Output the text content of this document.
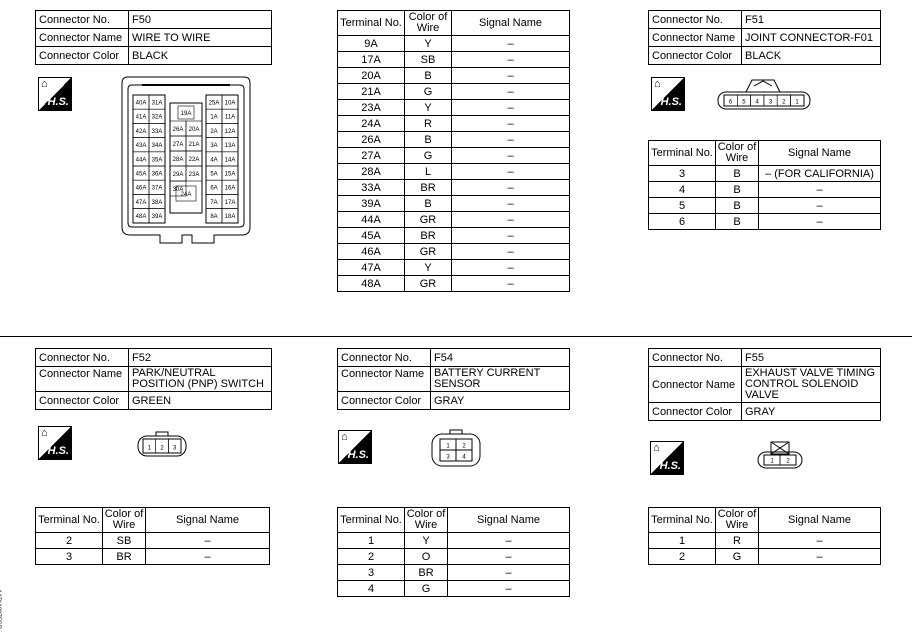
Connector No.	F50
Connector Name	WIRE TO WIRE
Connector Color	BLACK
⌂
H.S.	40A 31A
41A 32A
42A 33A
43A 34A
44A 35A
45A 36A
46A 37A
47A 38A
48A 39A
19A
26A 20A
27A 21A
28A 22A
29A 23A
30A
24A
25A 10A
1A 11A
2A 12A
3A 13A
4A 14A
5A 15A
6A 16A
7A 17A
8A 18A
Terminal No.	Color of Wire	Signal Name
9A	Y	–
17A	SB	–
20A	B	–
21A	G	–
23A	Y	–
24A	R	–
26A	B	–
27A	G	–
28A	L	–
33A	BR	–
39A	B	–
44A	GR	–
45A	BR	–
46A	GR	–
47A	Y	–
48A	GR	–
Connector No.	F51
Connector Name	JOINT CONNECTOR-F01
Connector Color	BLACK
⌂
H.S.	6 5 4 3 2 1
Terminal No.	Color of Wire	Signal Name
3	B	– (FOR CALIFORNIA)
4	B	–
5	B	–
6	B	–
Connector No.	F52
Connector Name	PARK/NEUTRAL POSITION (PNP) SWITCH
Connector Color	GREEN
⌂
H.S.	1 2 3
Terminal No.	Color of Wire	Signal Name
2	SB	–
3	BR	–
Connector No.	F54
Connector Name	BATTERY CURRENT SENSOR
Connector Color	GRAY
⌂
H.S.
1 2
3 4
Terminal No.	Color of Wire	Signal Name
1	Y	–
2	O	–
3	BR	–
4	G	–
Connector No.	F55
Connector Name	EXHAUST VALVE TIMING CONTROL SOLENOID VALVE
Connector Color	GRAY
⌂
H.S.	1 2
Terminal No.	Color of Wire	Signal Name
1	R	–
2	G	–
